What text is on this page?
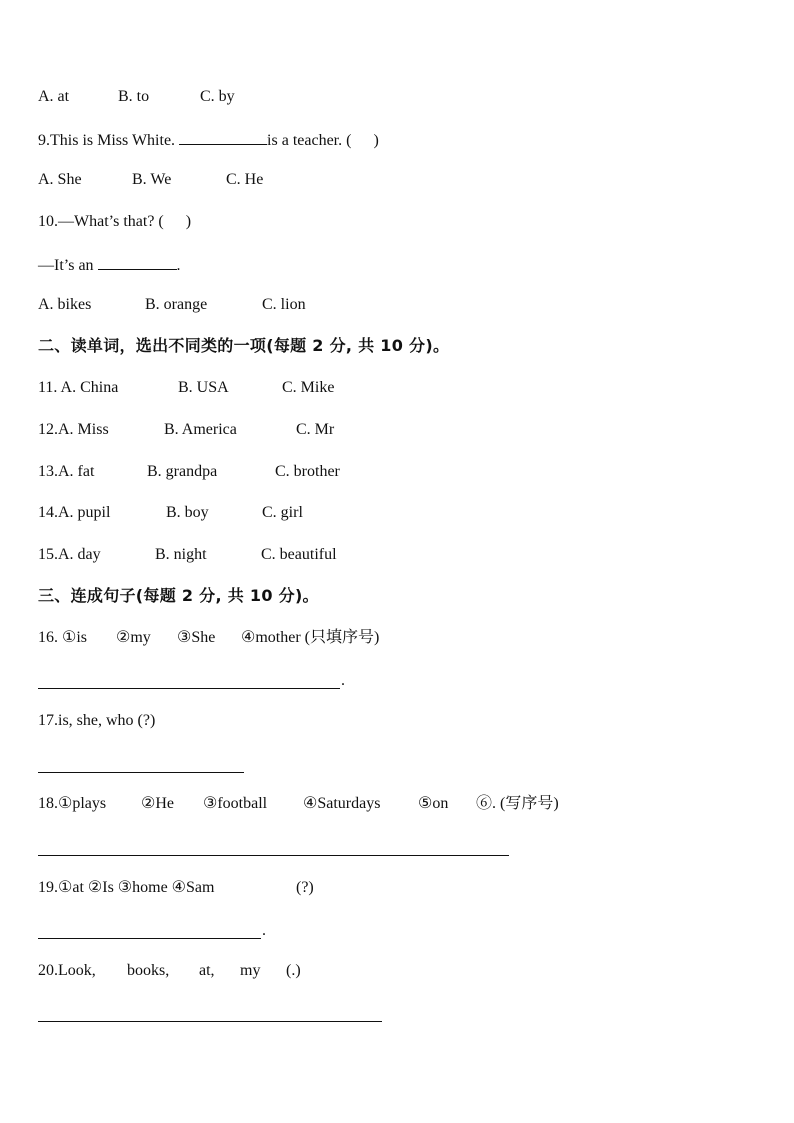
A. at	B. to	C. by
9.This is Miss White.	is a teacher. ( )
A. She	B. We	C. He
10.—What’s that? ( )
—It’s an	.
A. bikes	B. orange	C. lion
二、读单词，选出不同类的一项(每题 2 分, 共 10 分)。
11. A. China	B. USA	C. Mike
12.A. Miss	B. America	C. Mr
13.A. fat	B. grandpa	C. brother
14.A. pupil	B. boy	C. girl
15.A. day	B. night	C. beautiful
三、连成句子(每题 2 分, 共 10 分)。
16. ①is ②my ③She ④mother (只填序号)
.
17.is, she, who (?)
18.①plays ②He ③football ④Saturdays ⑤on ⑥. (写序号)
19.①at ②Is ③home ④Sam	(?)
.
20.Look, books, at, my (.)
